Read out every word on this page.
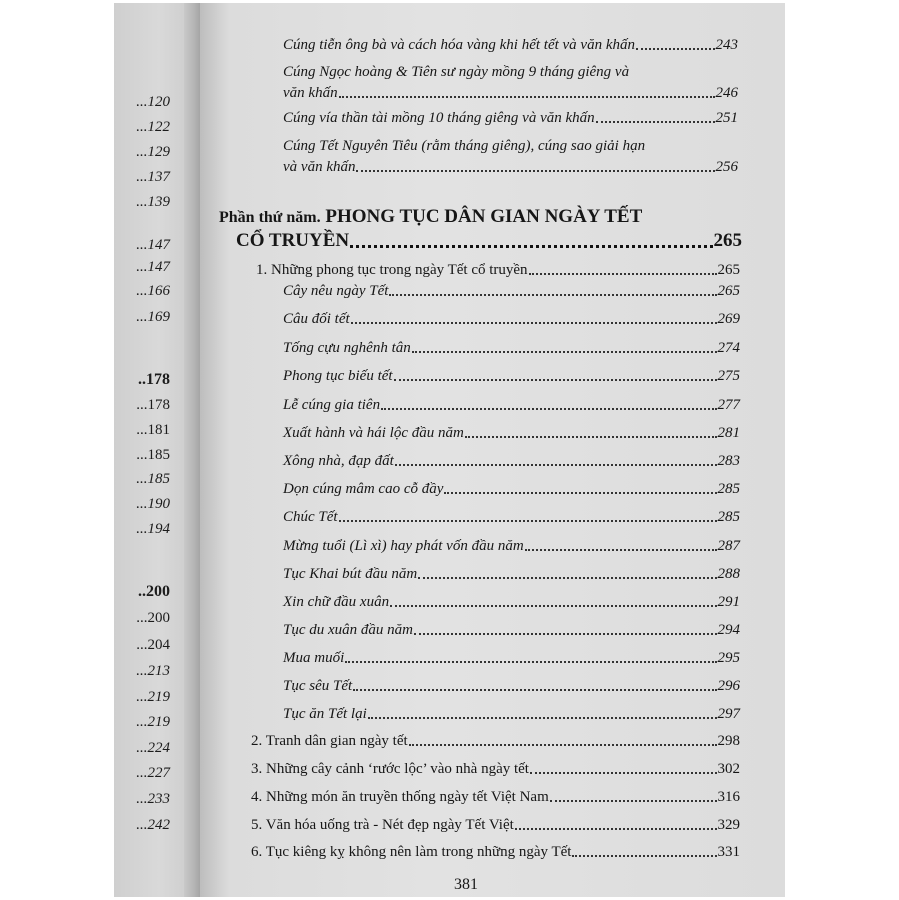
...120
...122
...129
...137
...139
...147
...147
...166
...169
..178
...178
...181
...185
...185
...190
...194
..200
...200
...204
...213
...219
...219
...224
...227
...233
...242
Cúng tiễn ông bà và cách hóa vàng khi hết tết và văn khấn	243
Cúng Ngọc hoàng & Tiên sư ngày mồng 9 tháng giêng và
văn khấn	246
Cúng vía thần tài mồng 10 tháng giêng và văn khấn	251
Cúng Tết Nguyên Tiêu (rằm tháng giêng), cúng sao giải hạn
và văn khấn	256
Phần thứ năm. PHONG TỤC DÂN GIAN NGÀY TẾT
CỔ TRUYỀN	265
1. Những phong tục trong ngày Tết cổ truyền	265
Cây nêu ngày Tết	265
Câu đối tết	269
Tống cựu nghênh tân	274
Phong tục biếu tết	275
Lễ cúng gia tiên	277
Xuất hành và hái lộc đầu năm	281
Xông nhà, đạp đất	283
Dọn cúng mâm cao cỗ đầy	285
Chúc Tết	285
Mừng tuổi (Lì xì) hay phát vốn đầu năm	287
Tục Khai bút đầu năm	288
Xin chữ đầu xuân	291
Tục du xuân đầu năm	294
Mua muối	295
Tục sêu Tết	296
Tục ăn Tết lại	297
2. Tranh dân gian ngày tết	298
3. Những cây cảnh ‘rước lộc’ vào nhà ngày tết	302
4. Những món ăn truyền thống ngày tết Việt Nam	316
5. Văn hóa uống trà - Nét đẹp ngày Tết Việt	329
6. Tục kiêng kỵ không nên làm trong những ngày Tết	331
381
